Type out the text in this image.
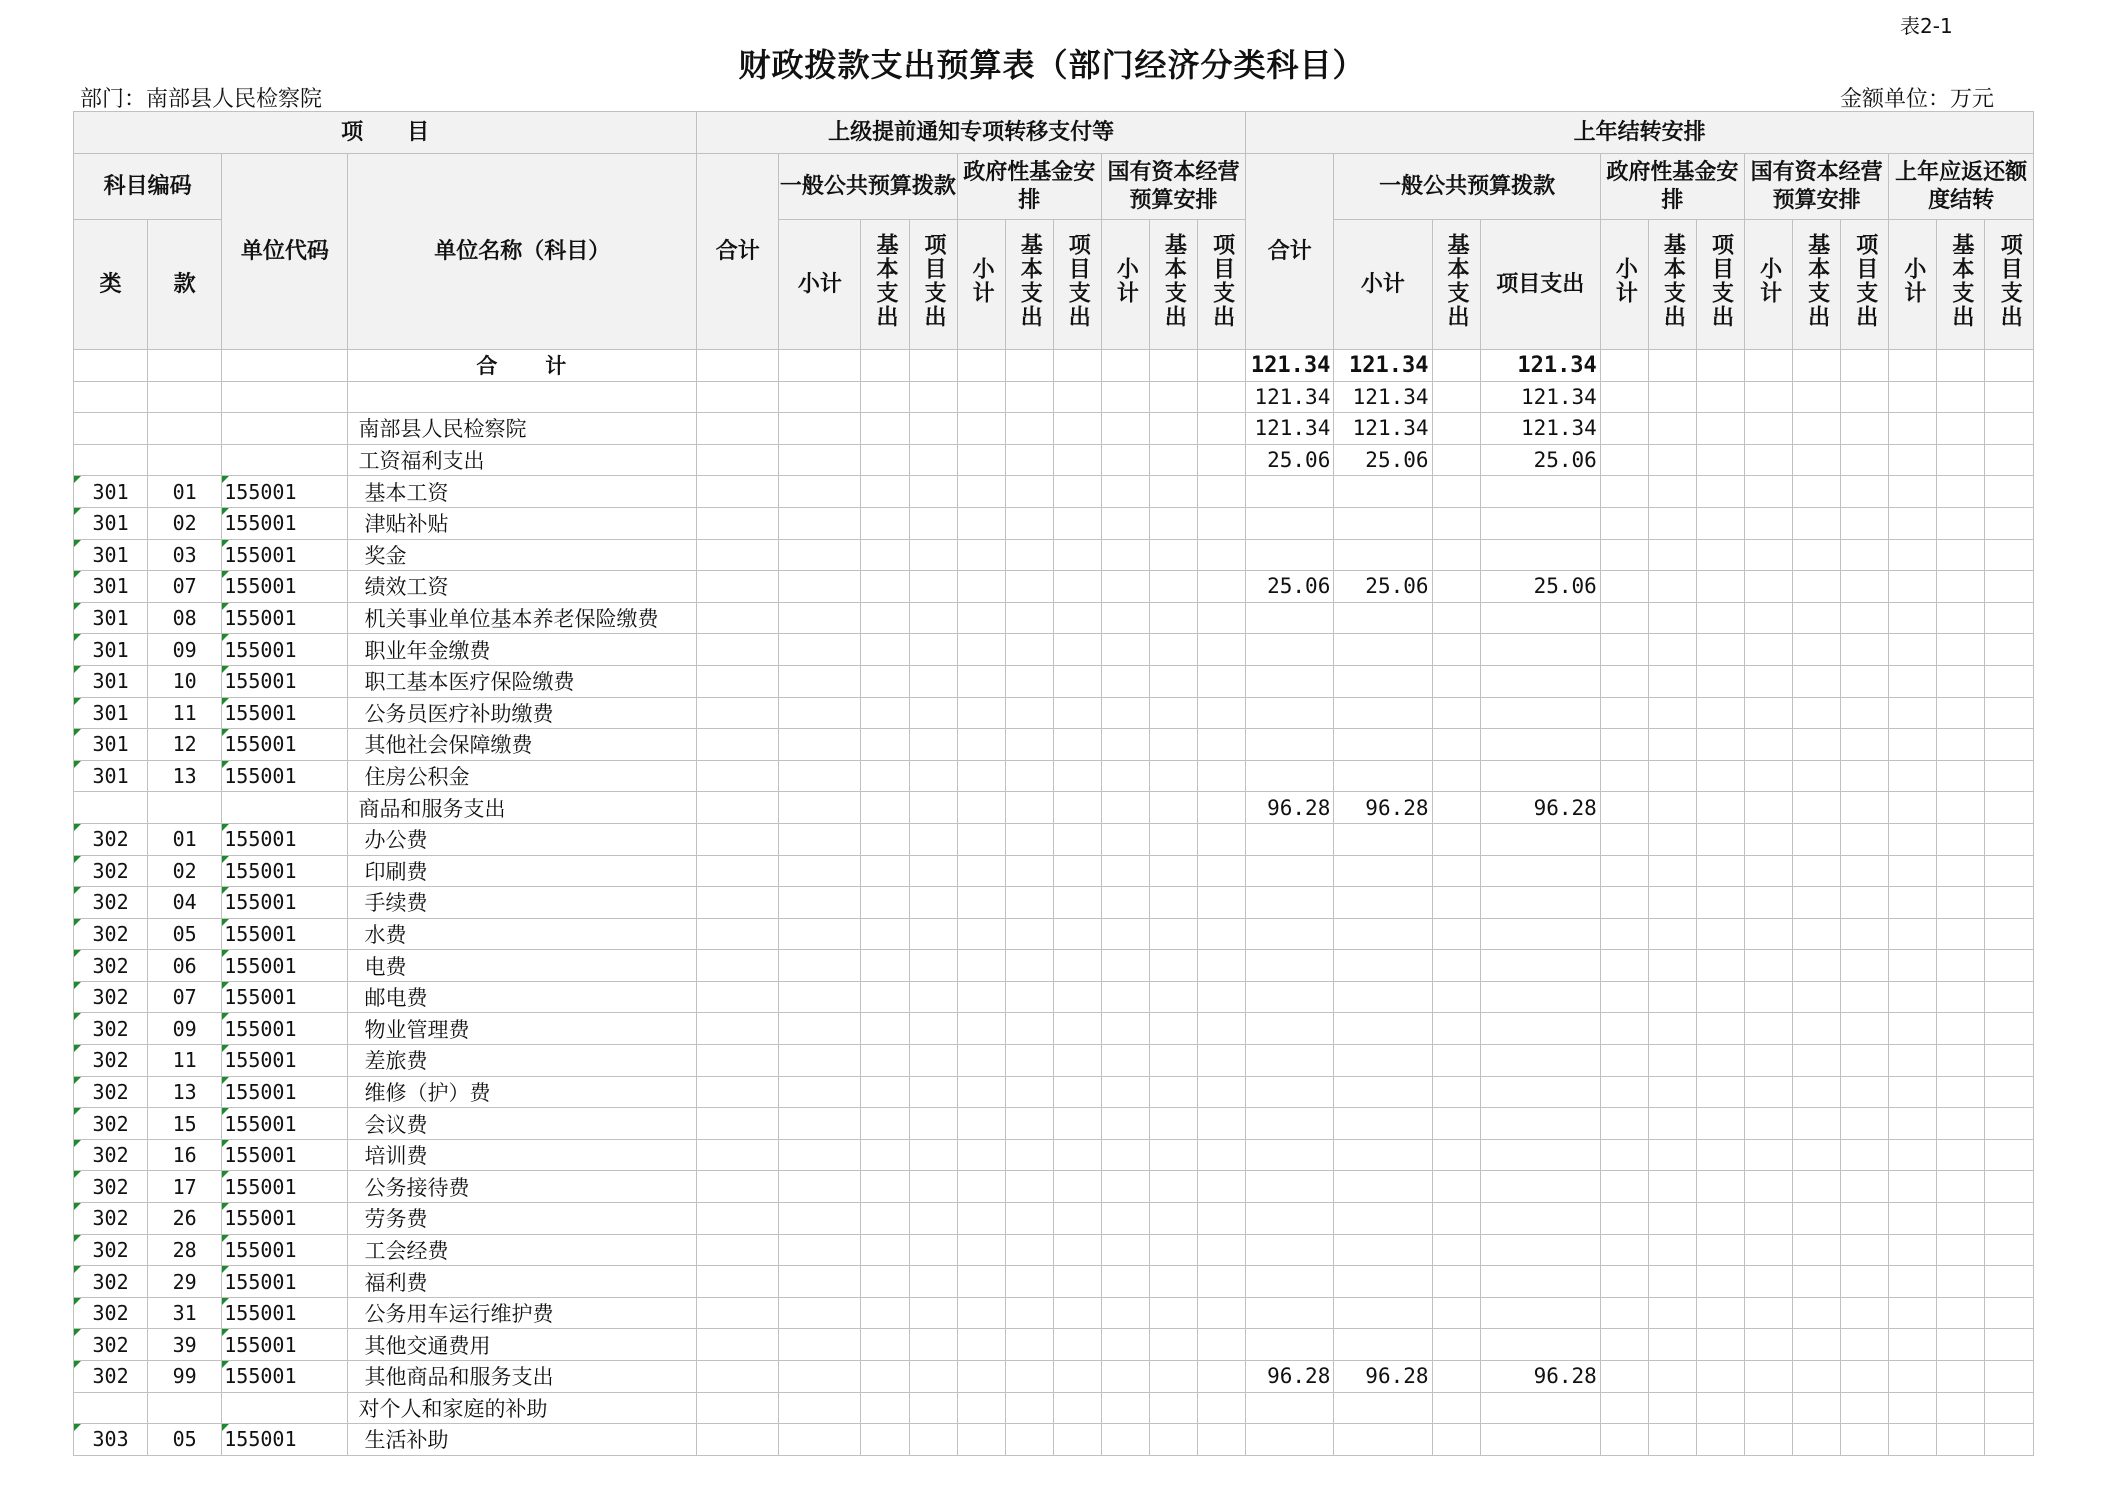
表2-1
财政拨款支出预算表（部门经济分类科目）
部门：南部县人民检察院	金额单位：万元
项　　目				上级提前通知专项转移支付等										上年结转安排												
科目编码		单位代码	单位名称（科目）	合计	一般公共预算拨款			政府性基金安排			国有资本经营预算安排			合计	一般公共预算拨款			政府性基金安排			国有资本经营预算安排			上年应返还额度结转		
类	款				小计	基本支出	项目支出	小计	基本支出	项目支出	小计	基本支出	项目支出		小计	基本支出	项目支出	小计	基本支出	项目支出	小计	基本支出	项目支出	小计	基本支出	项目支出
			合　　计											121.34	121.34		121.34									
														121.34	121.34		121.34									
			南部县人民检察院											121.34	121.34		121.34									
			工资福利支出											25.06	25.06		25.06									

301	01	155001	基本工资																							

301	02	155001	津贴补贴																							

301	03	155001	奖金																							

301	07	155001	绩效工资											25.06	25.06		25.06									

301	08	155001	机关事业单位基本养老保险缴费																							

301	09	155001	职业年金缴费																							

301	10	155001	职工基本医疗保险缴费																							

301	11	155001	公务员医疗补助缴费																							

301	12	155001	其他社会保障缴费																							

301	13	155001	住房公积金																							
			商品和服务支出											96.28	96.28		96.28									

302	01	155001	办公费																							

302	02	155001	印刷费																							

302	04	155001	手续费																							

302	05	155001	水费																							

302	06	155001	电费																							

302	07	155001	邮电费																							

302	09	155001	物业管理费																							

302	11	155001	差旅费																							

302	13	155001	维修（护）费																							

302	15	155001	会议费																							

302	16	155001	培训费																							

302	17	155001	公务接待费																							

302	26	155001	劳务费																							

302	28	155001	工会经费																							

302	29	155001	福利费																							

302	31	155001	公务用车运行维护费																							

302	39	155001	其他交通费用																							

302	99	155001	其他商品和服务支出											96.28	96.28		96.28									
			对个人和家庭的补助																							

303	05	155001	生活补助																							
